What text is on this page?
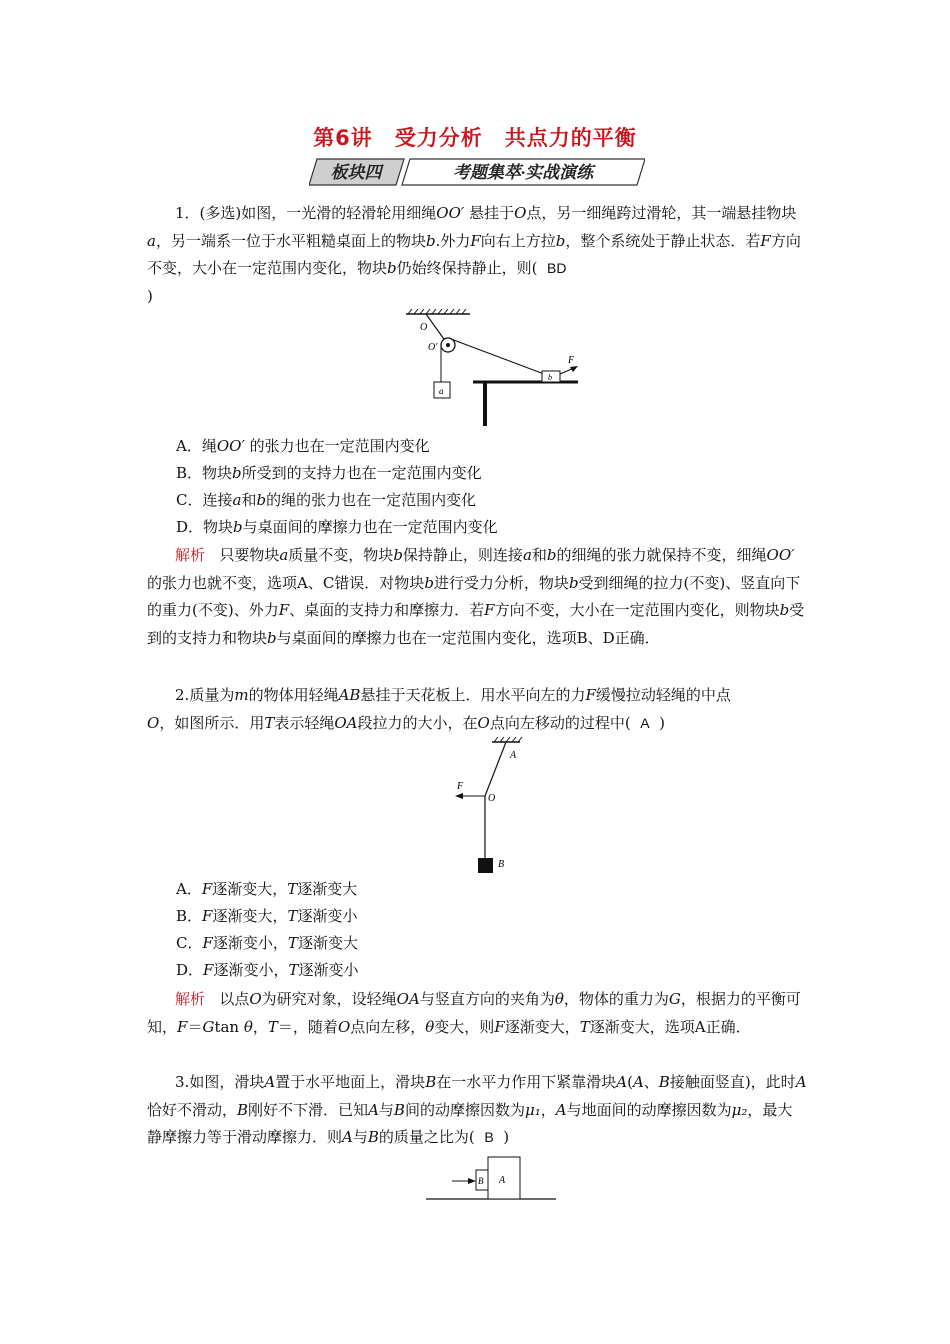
第6讲　受力分析　共点力的平衡
板块四	考题集萃·实战演练
1．(多选)如图，一光滑的轻滑轮用细绳OO′ 悬挂于O点，另一细绳跨过滑轮，其一端悬挂物块a，另一端系一位于水平粗糙桌面上的物块b.外力F向右上方拉b，整个系统处于静止状态．若F方向不变，大小在一定范围内变化，物块b仍始终保持静止，则( BD
)
O
O′
a
b
F
A．绳OO′ 的张力也在一定范围内变化
B．物块b所受到的支持力也在一定范围内变化
C．连接a和b的绳的张力也在一定范围内变化
D．物块b与桌面间的摩擦力也在一定范围内变化
解析 只要物块a质量不变，物块b保持静止，则连接a和b的细绳的张力就保持不变，细绳OO′ 的张力也就不变，选项A、C错误．对物块b进行受力分析，物块b受到细绳的拉力(不变)、竖直向下的重力(不变)、外力F、桌面的支持力和摩擦力．若F方向不变，大小在一定范围内变化，则物块b受到的支持力和物块b与桌面间的摩擦力也在一定范围内变化，选项B、D正确．
2.质量为m的物体用轻绳AB悬挂于天花板上．用水平向左的力F缓慢拉动轻绳的中点
O，如图所示．用T表示轻绳OA段拉力的大小，在O点向左移动的过程中( A )
A
F
O
B
A．F逐渐变大，T逐渐变大
B．F逐渐变大，T逐渐变小
C．F逐渐变小，T逐渐变大
D．F逐渐变小，T逐渐变小
解析 以点O为研究对象，设轻绳OA与竖直方向的夹角为θ，物体的重力为G，根据力的平衡可知，F＝Gtan θ，T＝，随着O点向左移，θ变大，则F逐渐变大，T逐渐变大，选项A正确．
3.如图，滑块A置于水平地面上，滑块B在一水平力作用下紧靠滑块A(A、B接触面竖直)，此时A恰好不滑动，B刚好不下滑．已知A与B间的动摩擦因数为μ₁，A与地面间的动摩擦因数为μ₂，最大静摩擦力等于滑动摩擦力．则A与B的质量之比为( B )
B A
